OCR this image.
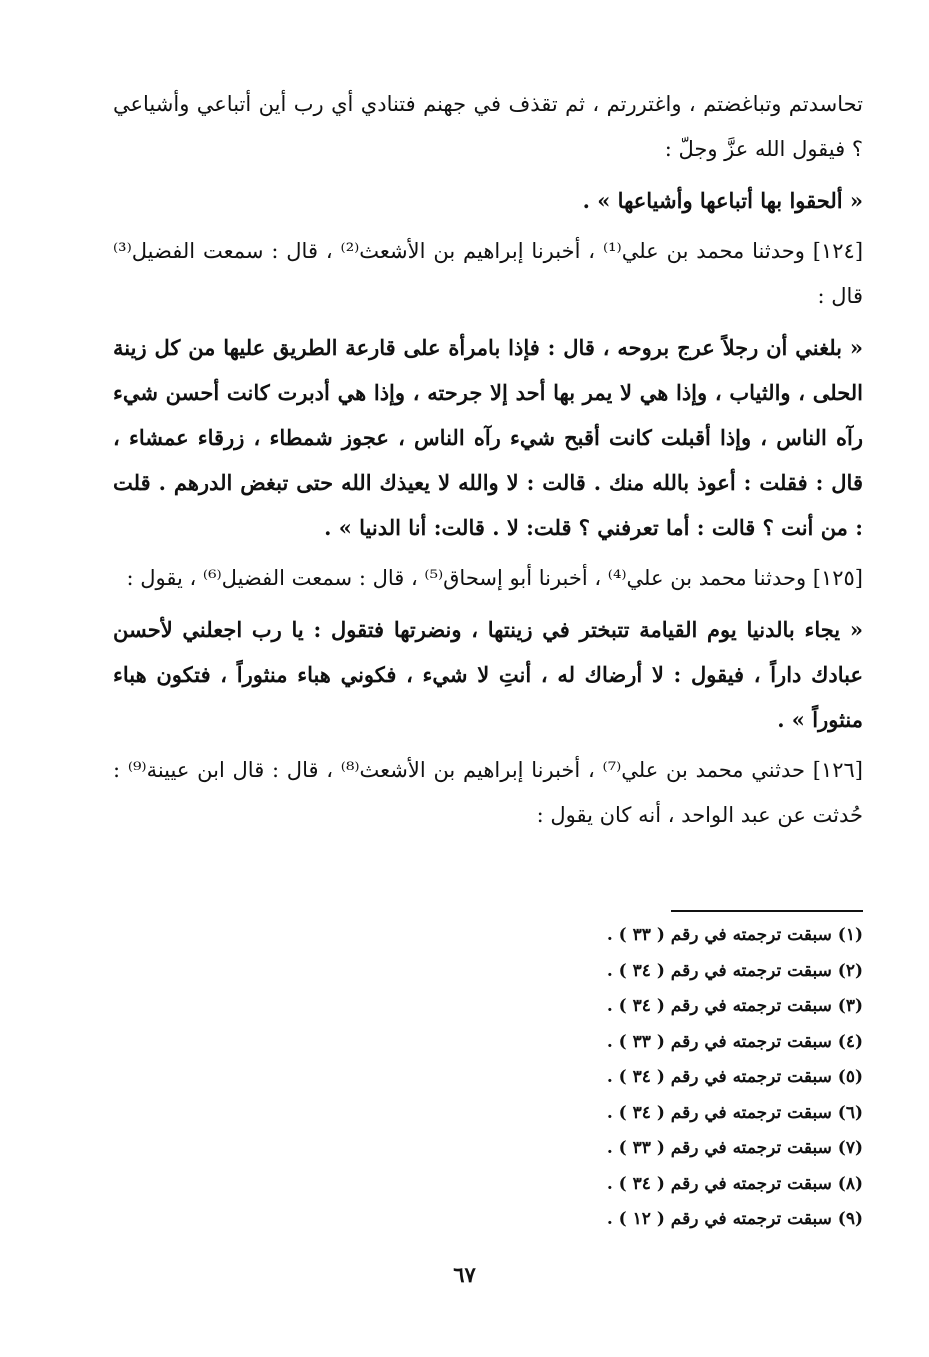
تحاسدتم وتباغضتم ، واغتررتم ، ثم تقذف في جهنم فتنادي أي رب أين أتباعي وأشياعي ؟ فيقول الله عزَّ وجلّ :

« ألحقوا بها أتباعها وأشياعها » .

[١٢٤] وحدثنا محمد بن علي⁽¹⁾ ، أخبرنا إبراهيم بن الأشعث⁽²⁾ ، قال : سمعت الفضيل⁽³⁾ قال :

« بلغني أن رجلاً عرج بروحه ، قال : فإذا بامرأة على قارعة الطريق عليها من كل زينة الحلى ، والثياب ، وإذا هي لا يمر بها أحد إلا جرحته ، وإذا هي أدبرت كانت أحسن شيء رآه الناس ، وإذا أقبلت كانت أقبح شيء رآه الناس ، عجوز شمطاء ، زرقاء عمشاء ، قال : فقلت : أعوذ بالله منك . قالت : لا والله لا يعيذك الله حتى تبغض الدرهم . قلت : من أنت ؟ قالت : أما تعرفني ؟ قلت: لا . قالت: أنا الدنيا » .

[١٢٥] وحدثنا محمد بن علي⁽⁴⁾ ، أخبرنا أبو إسحاق⁽⁵⁾ ، قال : سمعت الفضيل⁽⁶⁾ ، يقول :

« يجاء بالدنيا يوم القيامة تتبختر في زينتها ، ونضرتها فتقول : يا رب اجعلني لأحسن عبادك داراً ، فيقول : لا أرضاك له ، أنتِ لا شيء ، فكوني هباء منثوراً ، فتكون هباء منثوراً » .

[١٢٦] حدثني محمد بن علي⁽⁷⁾ ، أخبرنا إبراهيم بن الأشعث⁽⁸⁾ ، قال : قال ابن عيينة⁽⁹⁾ : حُدثت عن عبد الواحد ، أنه كان يقول :

(١) سبقت ترجمته في رقم ( ٣٣ ) .
(٢) سبقت ترجمته في رقم ( ٣٤ ) .
(٣) سبقت ترجمته في رقم ( ٣٤ ) .
(٤) سبقت ترجمته في رقم ( ٣٣ ) .
(٥) سبقت ترجمته في رقم ( ٣٤ ) .
(٦) سبقت ترجمته في رقم ( ٣٤ ) .
(٧) سبقت ترجمته في رقم ( ٣٣ ) .
(٨) سبقت ترجمته في رقم ( ٣٤ ) .
(٩) سبقت ترجمته في رقم ( ١٢ ) .
٦٧
